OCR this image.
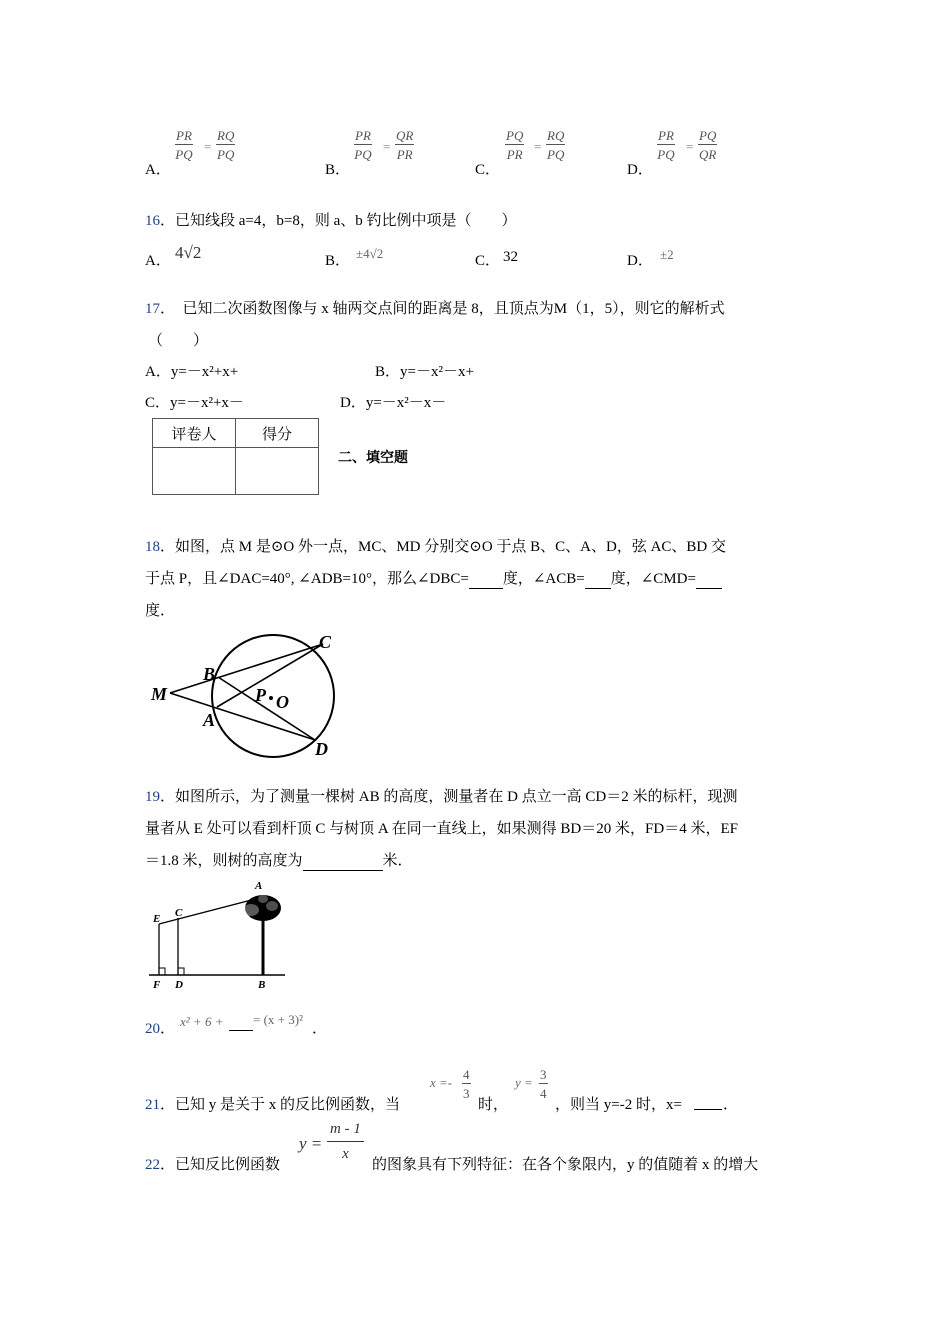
A．
$\frac{PR}{PQ} = \frac{RQ}{PQ}$
B．
$\frac{PR}{PQ} = \frac{QR}{PR}$
C．
$\frac{PQ}{PR} = \frac{RQ}{PQ}$
D．
$\frac{PR}{PQ} = \frac{PQ}{QR}$
16．已知线段 a=4，b=8，则 a、b 钓比例中项是（　　）
A． 4√2	B． ±4√2	C． 32	D． ±2
17．　已知二次函数图像与 x 轴两交点间的距离是 8，且顶点为M（1，5），则它的解析式
（　　）
A．y=－x²+x+	B．y=－x²－x+
C．y=－x²+x－	D．y=－x²－x－
评卷人	得分

二、填空题
18．如图，点 M 是⊙O 外一点，MC、MD 分别交⊙O 于点 B、C、A、D，弦 AC、BD 交
于点 P，且∠DAC=40°, ∠ADB=10°，那么∠DBC= 度，∠ACB= 度，∠CMD=
度．
M
B
A
C
D
P O
19．如图所示，为了测量一棵树 AB 的高度，测量者在 D 点立一高 CD＝2 米的标杆，现测
量者从 E 处可以看到杆顶 C 与树顶 A 在同一直线上，如果测得 BD＝20 米，FD＝4 米，EF
＝1.8 米，则树的高度为	米．
A
C
E
F D	B
20． x² + 6 + = (x + 3)²
．
21．已知 y 是关于 x 的反比例函数，当
$x =- \frac{4}{3}$
时，
$y = \frac{3}{4}$
，则当 y=-2 时，x=	．
22．已知反比例函数
$y = \frac{m - 1}{x}$
的图象具有下列特征：在各个象限内，y 的值随着 x 的增大
